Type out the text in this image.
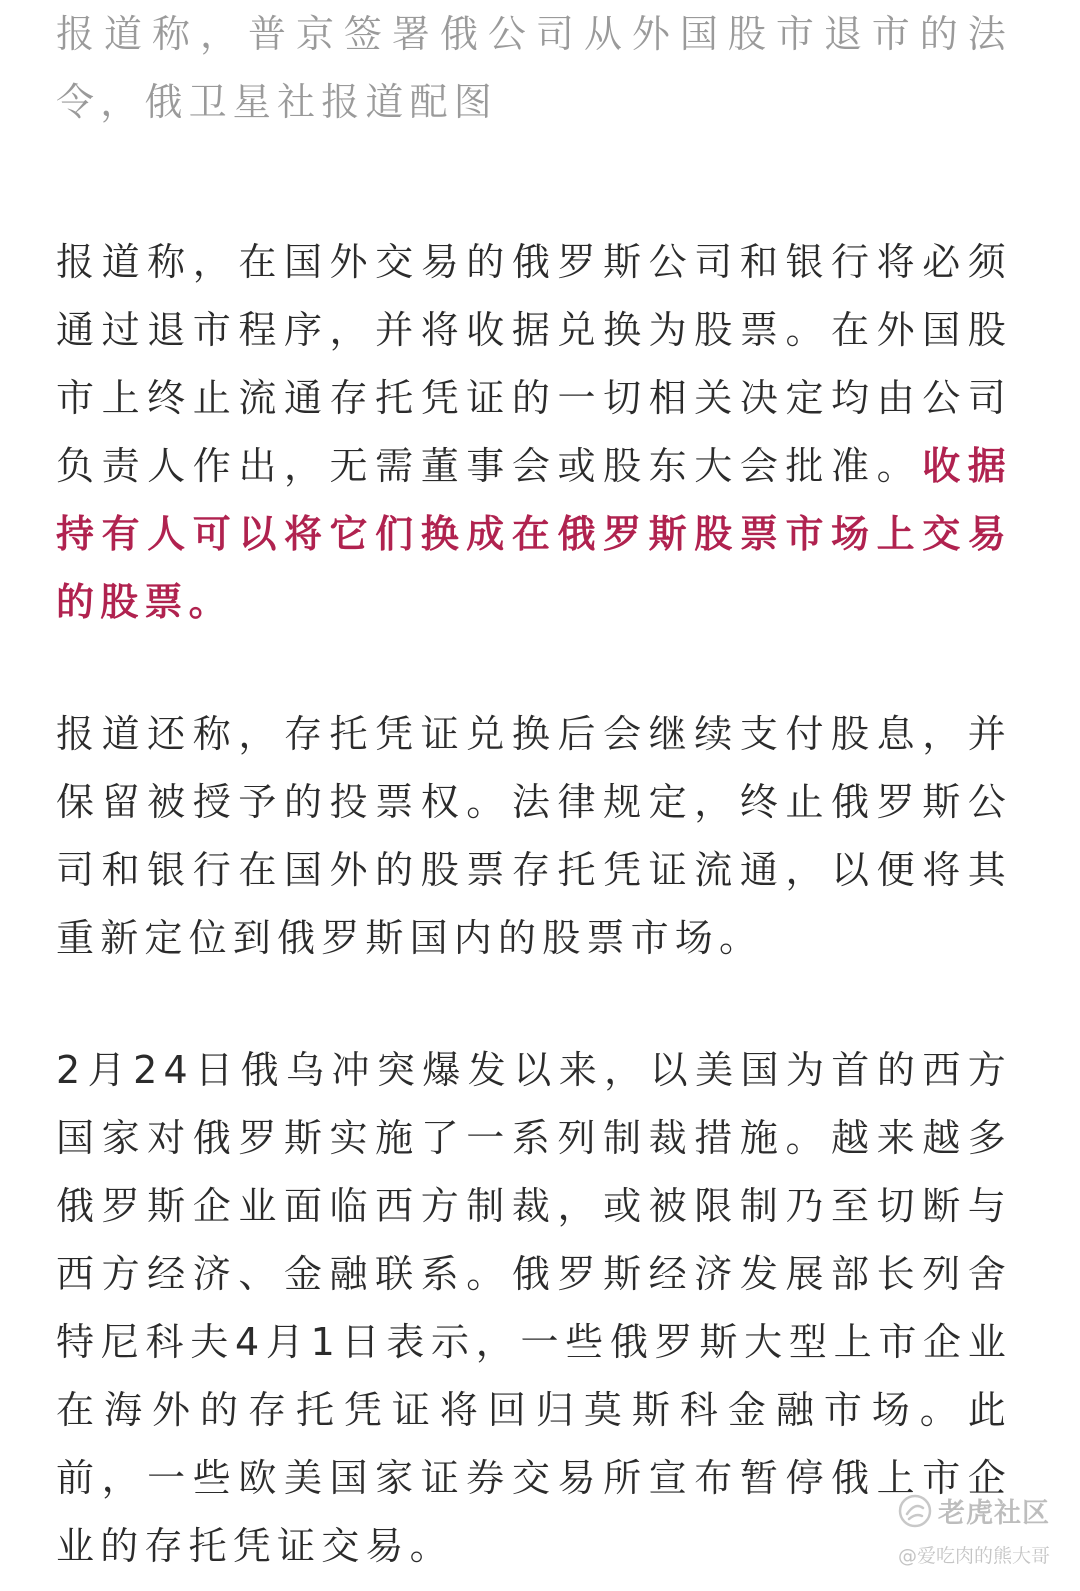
报道称，普京签署俄公司从外国股市退市的法令，俄卫星社报道配图

报道称，在国外交易的俄罗斯公司和银行将必须通过退市程序，并将收据兑换为股票。在外国股市上终止流通存托凭证的一切相关决定均由公司负责人作出，无需董事会或股东大会批准。收据持有人可以将它们换成在俄罗斯股票市场上交易的股票。

报道还称，存托凭证兑换后会继续支付股息，并保留被授予的投票权。法律规定，终止俄罗斯公司和银行在国外的股票存托凭证流通，以便将其重新定位到俄罗斯国内的股票市场。

2月24日俄乌冲突爆发以来，以美国为首的西方国家对俄罗斯实施了一系列制裁措施。越来越多俄罗斯企业面临西方制裁，或被限制乃至切断与西方经济、金融联系。俄罗斯经济发展部长列舍特尼科夫4月1日表示，一些俄罗斯大型上市企业在海外的存托凭证将回归莫斯科金融市场。此前，一些欧美国家证券交易所宣布暂停俄上市企业的存托凭证交易。

老虎社区
@爱吃肉的熊大哥
